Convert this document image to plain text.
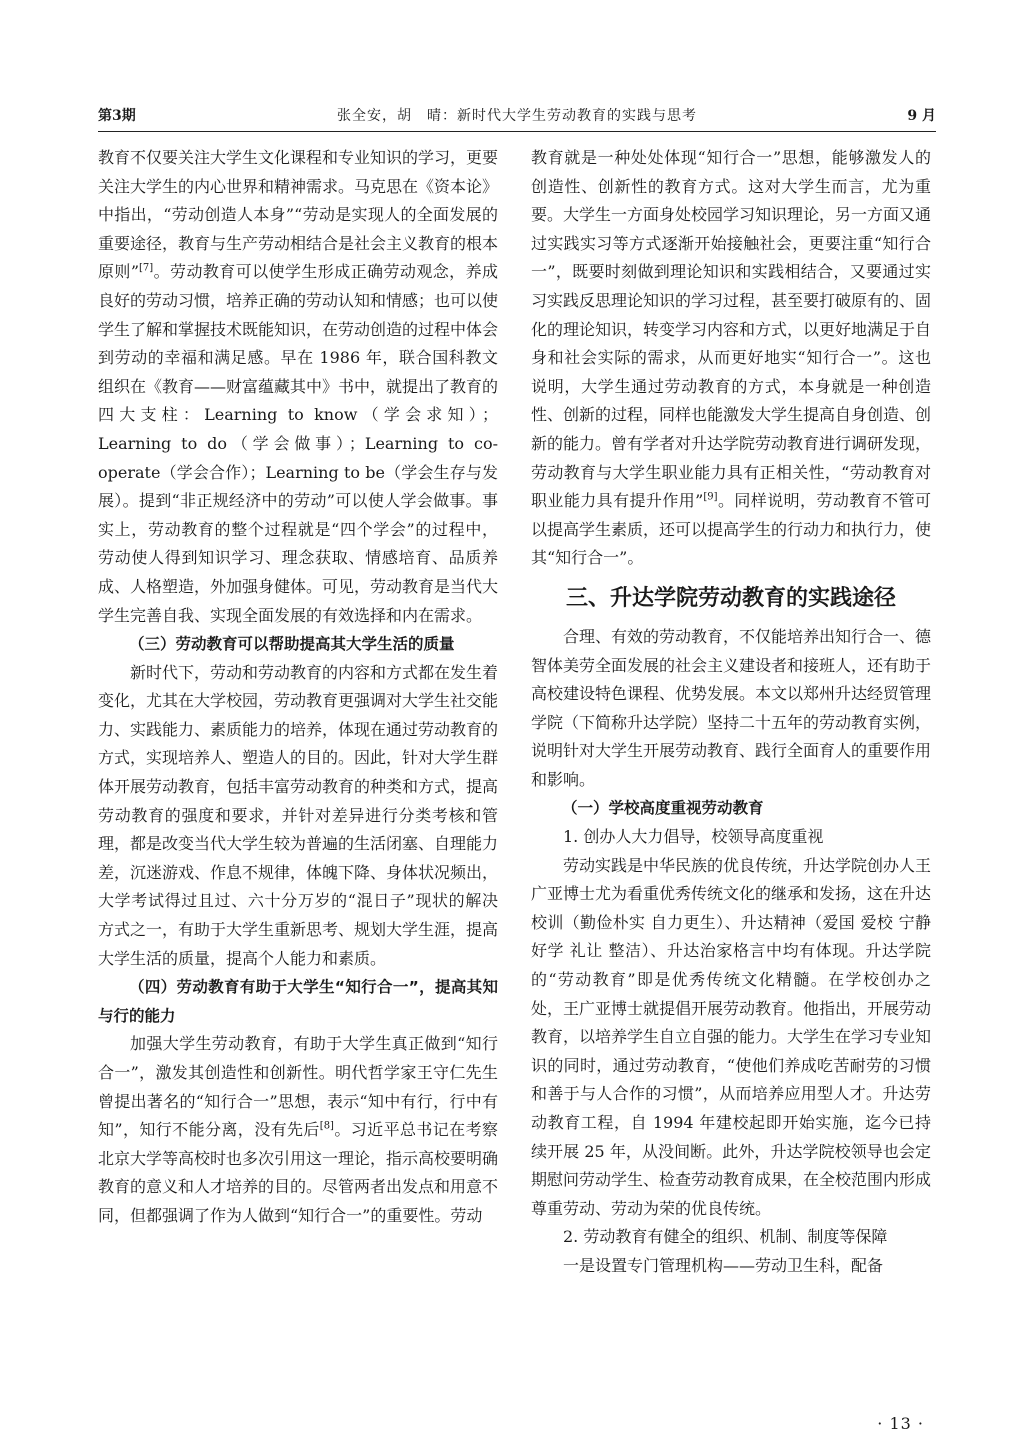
第3期	张全安，胡　晴：新时代大学生劳动教育的实践与思考	9 月

教育不仅要关注大学生文化课程和专业知识的学习，更要关注大学生的内心世界和精神需求。马克思在《资本论》中指出，“劳动创造人本身”“劳动是实现人的全面发展的重要途径，教育与生产劳动相结合是社会主义教育的根本原则”[7]。劳动教育可以使学生形成正确劳动观念，养成良好的劳动习惯，培养正确的劳动认知和情感；也可以使学生了解和掌握技术既能知识，在劳动创造的过程中体会到劳动的幸福和满足感。早在 1986 年，联合国科教文组织在《教育——财富蕴藏其中》书中，就提出了教育的四大支柱：Learning to know（学会求知）；Learning to do（学会做事）；Learning to co-operate（学会合作）；Learning to be（学会生存与发展）。提到“非正规经济中的劳动”可以使人学会做事。事实上，劳动教育的整个过程就是“四个学会”的过程中，劳动使人得到知识学习、理念获取、情感培育、品质养成、人格塑造，外加强身健体。可见，劳动教育是当代大学生完善自我、实现全面发展的有效选择和内在需求。

（三）劳动教育可以帮助提高其大学生活的质量

新时代下，劳动和劳动教育的内容和方式都在发生着变化，尤其在大学校园，劳动教育更强调对大学生社交能力、实践能力、素质能力的培养，体现在通过劳动教育的方式，实现培养人、塑造人的目的。因此，针对大学生群体开展劳动教育，包括丰富劳动教育的种类和方式，提高劳动教育的强度和要求，并针对差异进行分类考核和管理，都是改变当代大学生较为普遍的生活闭塞、自理能力差，沉迷游戏、作息不规律，体魄下降、身体状况频出，大学考试得过且过、六十分万岁的“混日子”现状的解决方式之一，有助于大学生重新思考、规划大学生涯，提高大学生活的质量，提高个人能力和素质。

（四）劳动教育有助于大学生“知行合一”，提高其知与行的能力

加强大学生劳动教育，有助于大学生真正做到“知行合一”，激发其创造性和创新性。明代哲学家王守仁先生曾提出著名的“知行合一”思想，表示“知中有行，行中有知”，知行不能分离，没有先后[8]。习近平总书记在考察北京大学等高校时也多次引用这一理论，指示高校要明确教育的意义和人才培养的目的。尽管两者出发点和用意不同，但都强调了作为人做到“知行合一”的重要性。劳动

教育就是一种处处体现“知行合一”思想，能够激发人的创造性、创新性的教育方式。这对大学生而言，尤为重要。大学生一方面身处校园学习知识理论，另一方面又通过实践实习等方式逐渐开始接触社会，更要注重“知行合一”，既要时刻做到理论知识和实践相结合，又要通过实习实践反思理论知识的学习过程，甚至要打破原有的、固化的理论知识，转变学习内容和方式，以更好地满足于自身和社会实际的需求，从而更好地实“知行合一”。这也说明，大学生通过劳动教育的方式，本身就是一种创造性、创新的过程，同样也能激发大学生提高自身创造、创新的能力。曾有学者对升达学院劳动教育进行调研发现，劳动教育与大学生职业能力具有正相关性，“劳动教育对职业能力具有提升作用”[9]。同样说明，劳动教育不管可以提高学生素质，还可以提高学生的行动力和执行力，使其“知行合一”。

三、升达学院劳动教育的实践途径

合理、有效的劳动教育，不仅能培养出知行合一、德智体美劳全面发展的社会主义建设者和接班人，还有助于高校建设特色课程、优势发展。本文以郑州升达经贸管理学院（下简称升达学院）坚持二十五年的劳动教育实例，说明针对大学生开展劳动教育、践行全面育人的重要作用和影响。

（一）学校高度重视劳动教育

1. 创办人大力倡导，校领导高度重视

劳动实践是中华民族的优良传统，升达学院创办人王广亚博士尤为看重优秀传统文化的继承和发扬，这在升达校训（勤俭朴实 自力更生）、升达精神（爱国 爱校 宁静 好学 礼让 整洁）、升达治家格言中均有体现。升达学院的“劳动教育”即是优秀传统文化精髓。在学校创办之处，王广亚博士就提倡开展劳动教育。他指出，开展劳动教育，以培养学生自立自强的能力。大学生在学习专业知识的同时，通过劳动教育，“使他们养成吃苦耐劳的习惯和善于与人合作的习惯”，从而培养应用型人才。升达劳动教育工程，自 1994 年建校起即开始实施，迄今已持续开展 25 年，从没间断。此外，升达学院校领导也会定期慰问劳动学生、检查劳动教育成果，在全校范围内形成尊重劳动、劳动为荣的优良传统。

2. 劳动教育有健全的组织、机制、制度等保障

一是设置专门管理机构——劳动卫生科，配备

· 13 ·
